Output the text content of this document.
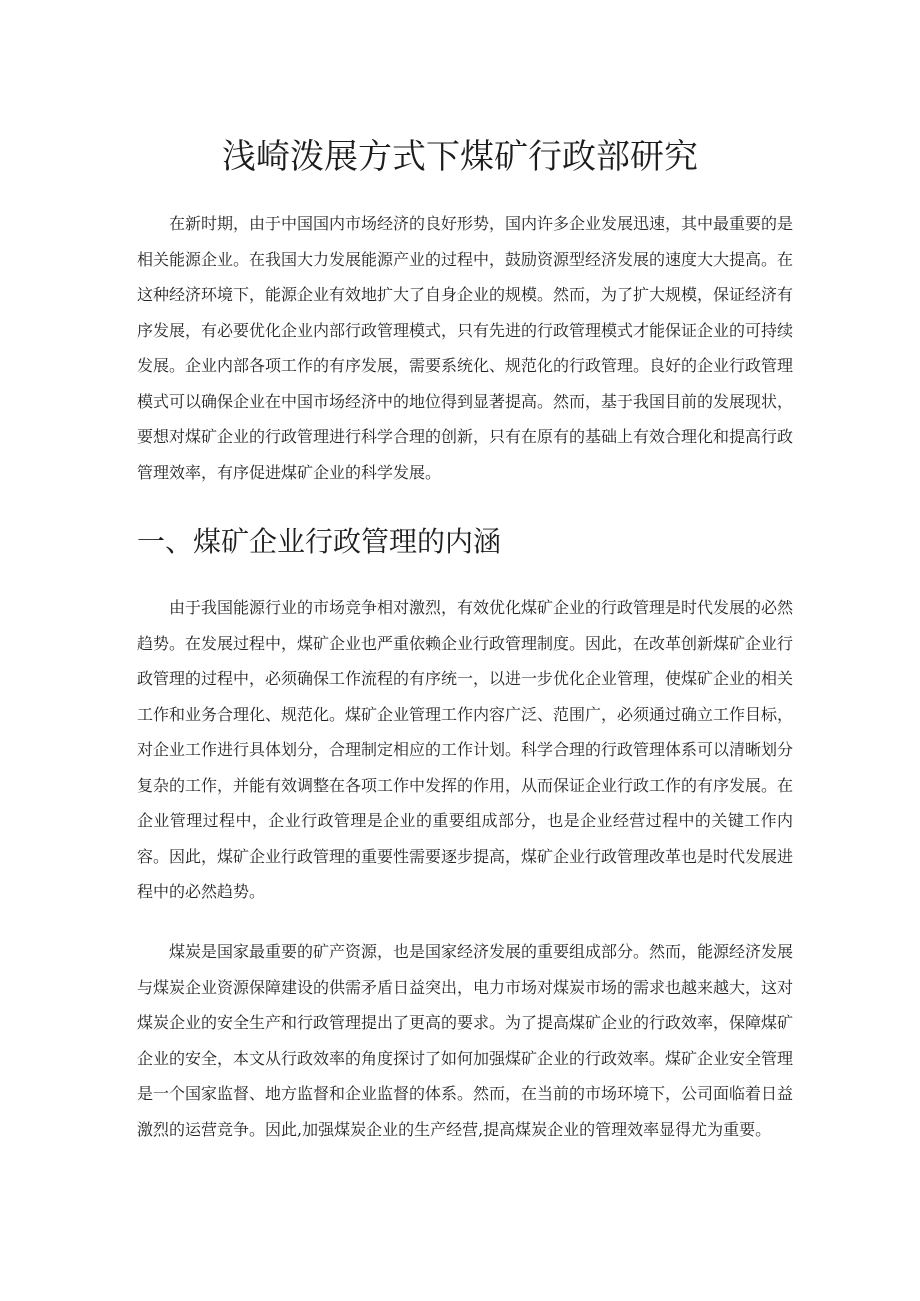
浅崎泼展方式下煤矿行政部研究

在新时期，由于中国国内市场经济的良好形势，国内许多企业发展迅速，其中最重要的是相关能源企业。在我国大力发展能源产业的过程中，鼓励资源型经济发展的速度大大提高。在这种经济环境下，能源企业有效地扩大了自身企业的规模。然而，为了扩大规模，保证经济有序发展，有必要优化企业内部行政管理模式，只有先进的行政管理模式才能保证企业的可持续发展。企业内部各项工作的有序发展，需要系统化、规范化的行政管理。良好的企业行政管理模式可以确保企业在中国市场经济中的地位得到显著提高。然而，基于我国目前的发展现状，要想对煤矿企业的行政管理进行科学合理的创新，只有在原有的基础上有效合理化和提高行政管理效率，有序促进煤矿企业的科学发展。

一、煤矿企业行政管理的内涵

由于我国能源行业的市场竞争相对激烈，有效优化煤矿企业的行政管理是时代发展的必然趋势。在发展过程中，煤矿企业也严重依赖企业行政管理制度。因此，在改革创新煤矿企业行政管理的过程中，必须确保工作流程的有序统一，以进一步优化企业管理，使煤矿企业的相关工作和业务合理化、规范化。煤矿企业管理工作内容广泛、范围广，必须通过确立工作目标，对企业工作进行具体划分，合理制定相应的工作计划。科学合理的行政管理体系可以清晰划分复杂的工作，并能有效调整在各项工作中发挥的作用，从而保证企业行政工作的有序发展。在企业管理过程中，企业行政管理是企业的重要组成部分，也是企业经营过程中的关键工作内容。因此，煤矿企业行政管理的重要性需要逐步提高，煤矿企业行政管理改革也是时代发展进程中的必然趋势。

煤炭是国家最重要的矿产资源，也是国家经济发展的重要组成部分。然而，能源经济发展与煤炭企业资源保障建设的供需矛盾日益突出，电力市场对煤炭市场的需求也越来越大，这对煤炭企业的安全生产和行政管理提出了更高的要求。为了提高煤矿企业的行政效率，保障煤矿企业的安全，本文从行政效率的角度探讨了如何加强煤矿企业的行政效率。煤矿企业安全管理是一个国家监督、地方监督和企业监督的体系。然而，在当前的市场环境下，公司面临着日益激烈的运营竞争。因此,加强煤炭企业的生产经营,提高煤炭企业的管理效率显得尤为重要。
